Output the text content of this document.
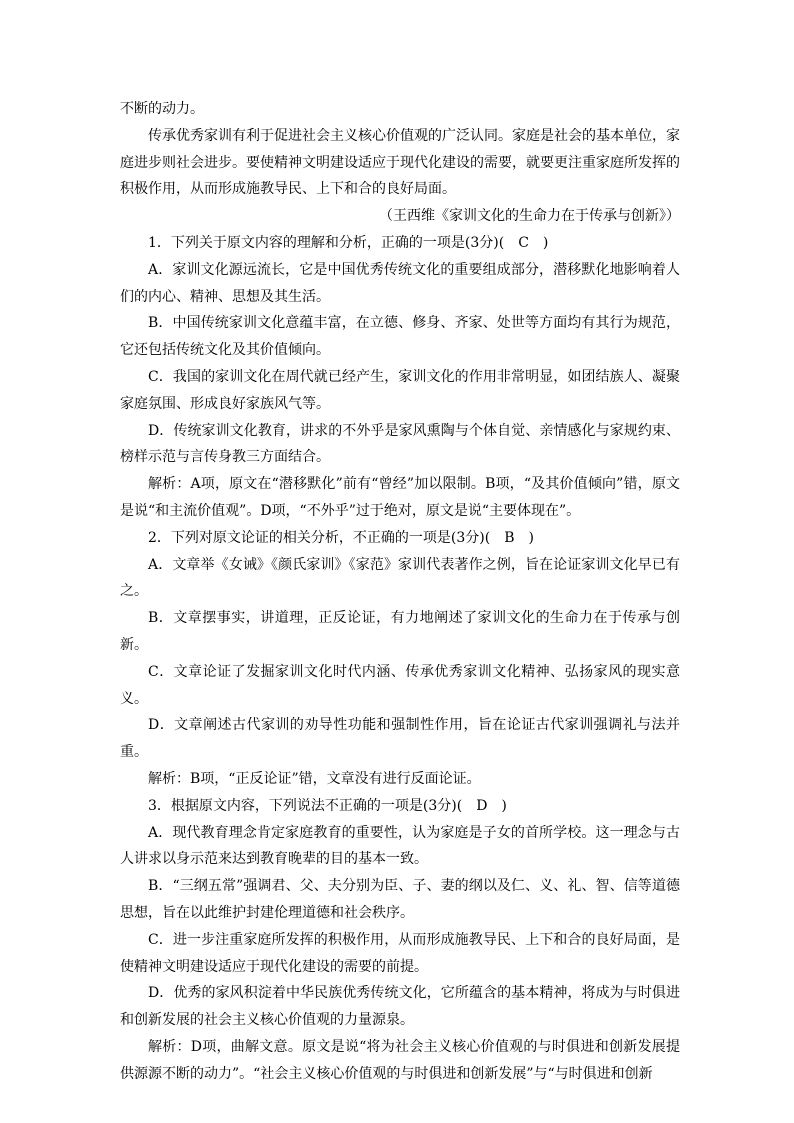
不断的动力。

传承优秀家训有利于促进社会主义核心价值观的广泛认同。家庭是社会的基本单位，家庭进步则社会进步。要使精神文明建设适应于现代化建设的需要，就要更注重家庭所发挥的积极作用，从而形成施教导民、上下和合的良好局面。

（王西维《家训文化的生命力在于传承与创新》）

1．下列关于原文内容的理解和分析，正确的一项是(3分)(　C　)

A．家训文化源远流长，它是中国优秀传统文化的重要组成部分，潜移默化地影响着人们的内心、精神、思想及其生活。

B．中国传统家训文化意蕴丰富，在立德、修身、齐家、处世等方面均有其行为规范，它还包括传统文化及其价值倾向。

C．我国的家训文化在周代就已经产生，家训文化的作用非常明显，如团结族人、凝聚家庭氛围、形成良好家族风气等。

D．传统家训文化教育，讲求的不外乎是家风熏陶与个体自觉、亲情感化与家规约束、榜样示范与言传身教三方面结合。

解析：A项，原文在“潜移默化”前有“曾经”加以限制。B项，“及其价值倾向”错，原文是说“和主流价值观”。D项，“不外乎”过于绝对，原文是说“主要体现在”。

2．下列对原文论证的相关分析，不正确的一项是(3分)(　B　)

A．文章举《女诫》《颜氏家训》《家范》家训代表著作之例，旨在论证家训文化早已有之。

B．文章摆事实，讲道理，正反论证，有力地阐述了家训文化的生命力在于传承与创新。

C．文章论证了发掘家训文化时代内涵、传承优秀家训文化精神、弘扬家风的现实意义。

D．文章阐述古代家训的劝导性功能和强制性作用，旨在论证古代家训强调礼与法并重。

解析：B项，“正反论证”错，文章没有进行反面论证。

3．根据原文内容，下列说法不正确的一项是(3分)(　D　)

A．现代教育理念肯定家庭教育的重要性，认为家庭是子女的首所学校。这一理念与古人讲求以身示范来达到教育晚辈的目的基本一致。

B．“三纲五常”强调君、父、夫分别为臣、子、妻的纲以及仁、义、礼、智、信等道德思想，旨在以此维护封建伦理道德和社会秩序。

C．进一步注重家庭所发挥的积极作用，从而形成施教导民、上下和合的良好局面，是使精神文明建设适应于现代化建设的需要的前提。

D．优秀的家风积淀着中华民族优秀传统文化，它所蕴含的基本精神，将成为与时俱进和创新发展的社会主义核心价值观的力量源泉。

解析：D项，曲解文意。原文是说“将为社会主义核心价值观的与时俱进和创新发展提供源源不断的动力”。“社会主义核心价值观的与时俱进和创新发展”与“与时俱进和创新
